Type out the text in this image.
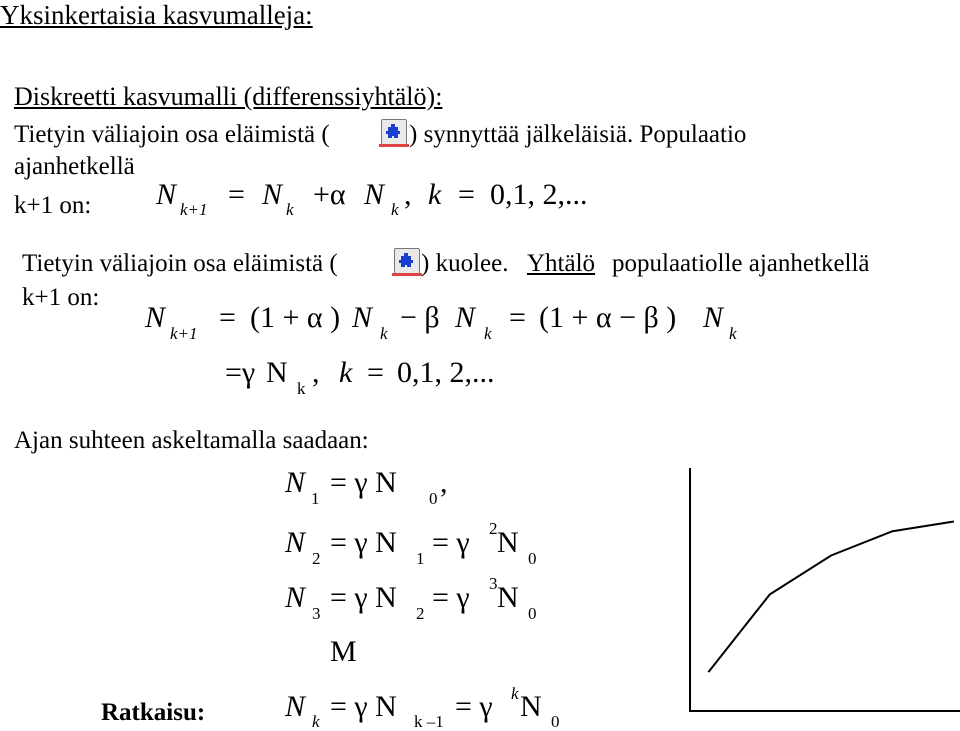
Yksinkertaisia kasvumalleja:
Diskreetti kasvumalli (differenssiyhtälö):
Tietyin väliajoin osa eläimistä (	) synnyttää jälkeläisiä. Populaatio
ajanhetkellä
k+1 on: N k+1 = N k +α N k , k = 0,1, 2,...
Tietyin väliajoin osa eläimistä (	) kuolee. Yhtälö populaatiolle ajanhetkellä
k+1 on:
N k+1 = (1 + α ) N k − β N k = (1 + α − β ) N k
=γ N k , k = 0,1, 2,...
Ajan suhteen askeltamalla saadaan:
N 1 = γ N 0 ,
N 2 = γ N 1 = γ 2 N 0
N 3 = γ N 2 = γ 3 N 0
M
Ratkaisu:	N k = γ N k –1 = γ k N 0
